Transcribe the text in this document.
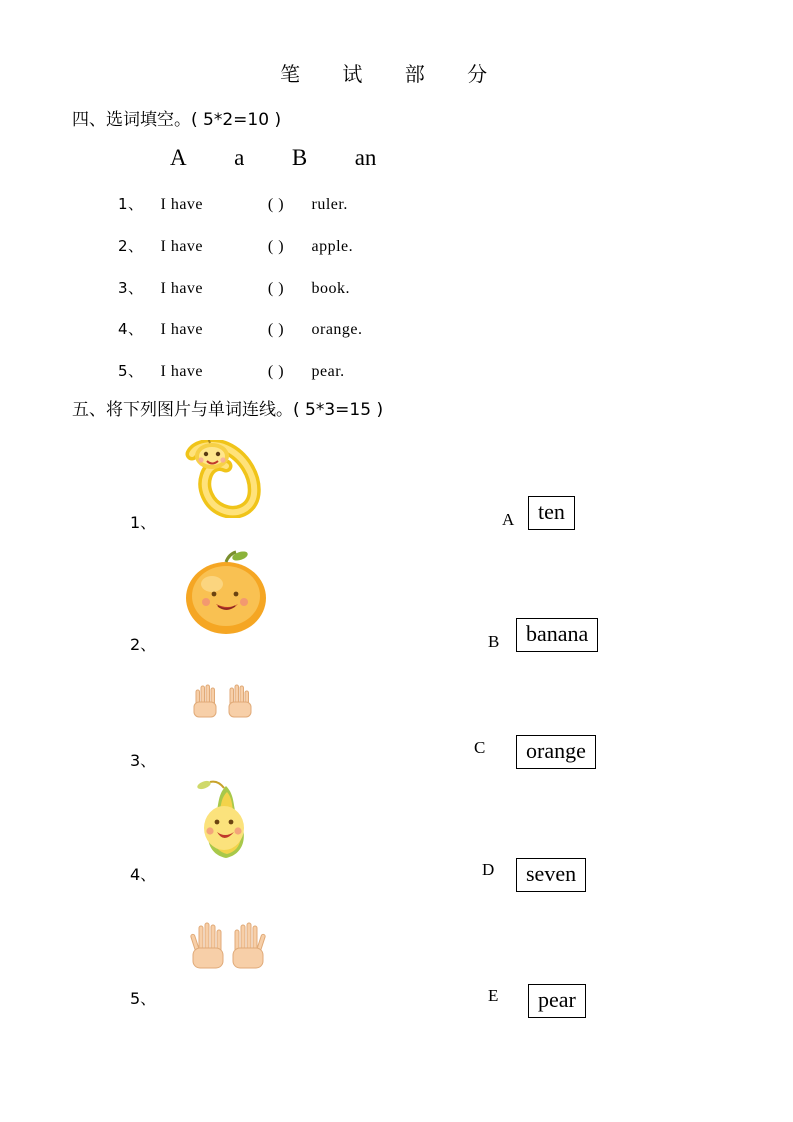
笔 试 部 分
四、选词填空。( 5*2=10 )
A a B an
1、 I have	( ) ruler.
2、 I have	( ) apple.
3、 I have	( ) book.
4、 I have	( ) orange.
5、 I have	( ) pear.
五、将下列图片与单词连线。( 5*3=15 )
1、
2、
3、
4、
5、
A
B
C
D
E
ten
banana
orange
seven
pear
